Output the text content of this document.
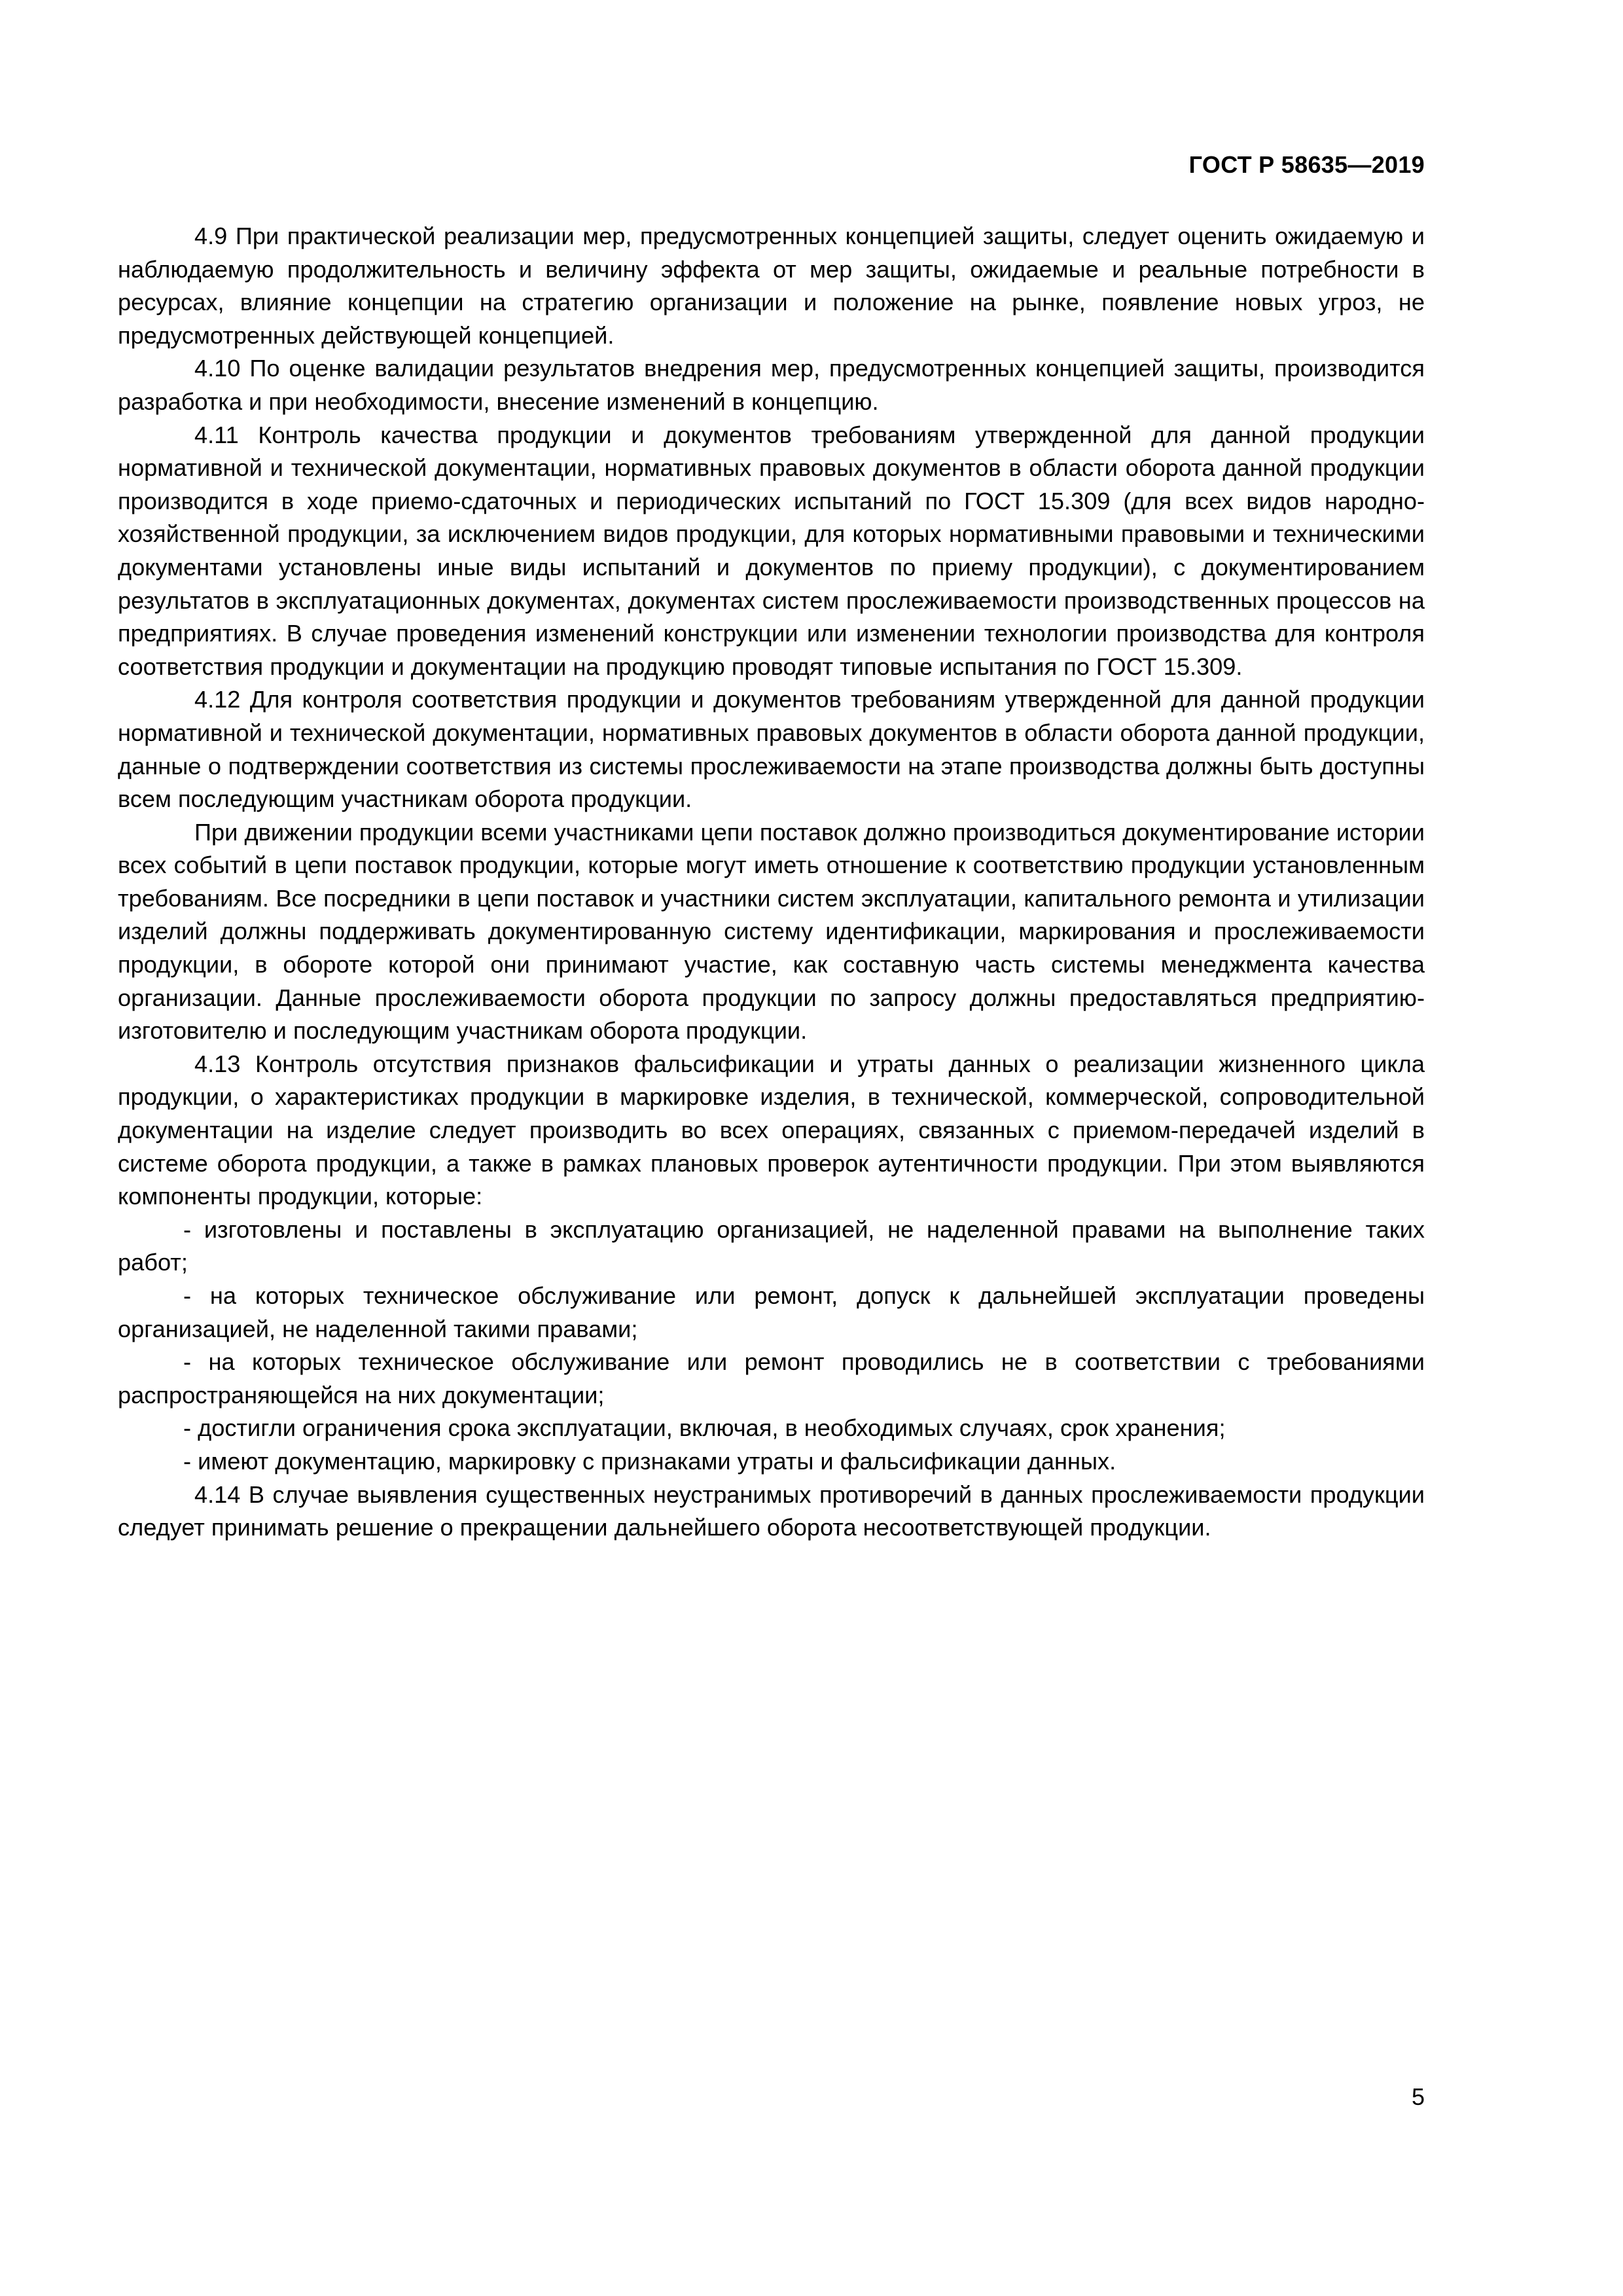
ГОСТ Р 58635—2019

4.9 При практической реализации мер, предусмотренных концепцией защиты, следует оценить ожидаемую и наблюдаемую продолжительность и величину эффекта от мер защиты, ожидаемые и реальные потребности в ресурсах, влияние концепции на стратегию организации и положение на рынке, появление новых угроз, не предусмотренных действующей концепцией.

4.10 По оценке валидации результатов внедрения мер, предусмотренных концепцией защиты, производится разработка и при необходимости, внесение изменений в концепцию.

4.11 Контроль качества продукции и документов требованиям утвержденной для данной продукции нормативной и технической документации, нормативных правовых документов в области оборота данной продукции производится в ходе приемо-сдаточных и периодических испытаний по ГОСТ 15.309 (для всех видов народно-хозяйственной продукции, за исключением видов продукции, для которых нормативными правовыми и техническими документами установлены иные виды испытаний и документов по приему продукции), с документированием результатов в эксплуатационных документах, документах систем прослеживаемости производственных процессов на предприятиях. В случае проведения изменений конструкции или изменении технологии производства для контроля соответствия продукции и документации на продукцию проводят типовые испытания по ГОСТ 15.309.

4.12 Для контроля соответствия продукции и документов требованиям утвержденной для данной продукции нормативной и технической документации, нормативных правовых документов в области оборота данной продукции, данные о подтверждении соответствия из системы прослеживаемости на этапе производства должны быть доступны всем последующим участникам оборота продукции.

При движении продукции всеми участниками цепи поставок должно производиться документирование истории всех событий в цепи поставок продукции, которые могут иметь отношение к соответствию продукции установленным требованиям. Все посредники в цепи поставок и участники систем эксплуатации, капитального ремонта и утилизации изделий должны поддерживать документированную систему идентификации, маркирования и прослеживаемости продукции, в обороте которой они принимают участие, как составную часть системы менеджмента качества организации. Данные прослеживаемости оборота продукции по запросу должны предоставляться предприятию-изготовителю и последующим участникам оборота продукции.

4.13 Контроль отсутствия признаков фальсификации и утраты данных о реализации жизненного цикла продукции, о характеристиках продукции в маркировке изделия, в технической, коммерческой, сопроводительной документации на изделие следует производить во всех операциях, связанных с приемом-передачей изделий в системе оборота продукции, а также в рамках плановых проверок аутентичности продукции. При этом выявляются компоненты продукции, которые:

- изготовлены и поставлены в эксплуатацию организацией, не наделенной правами на выполнение таких работ;

- на которых техническое обслуживание или ремонт, допуск к дальнейшей эксплуатации проведены организацией, не наделенной такими правами;

- на которых техническое обслуживание или ремонт проводились не в соответствии с требованиями распространяющейся на них документации;

- достигли ограничения срока эксплуатации, включая, в необходимых случаях, срок хранения;

- имеют документацию, маркировку с признаками утраты и фальсификации данных.

4.14 В случае выявления существенных неустранимых противоречий в данных прослеживаемости продукции следует принимать решение о прекращении дальнейшего оборота несоответствующей продукции.

5
